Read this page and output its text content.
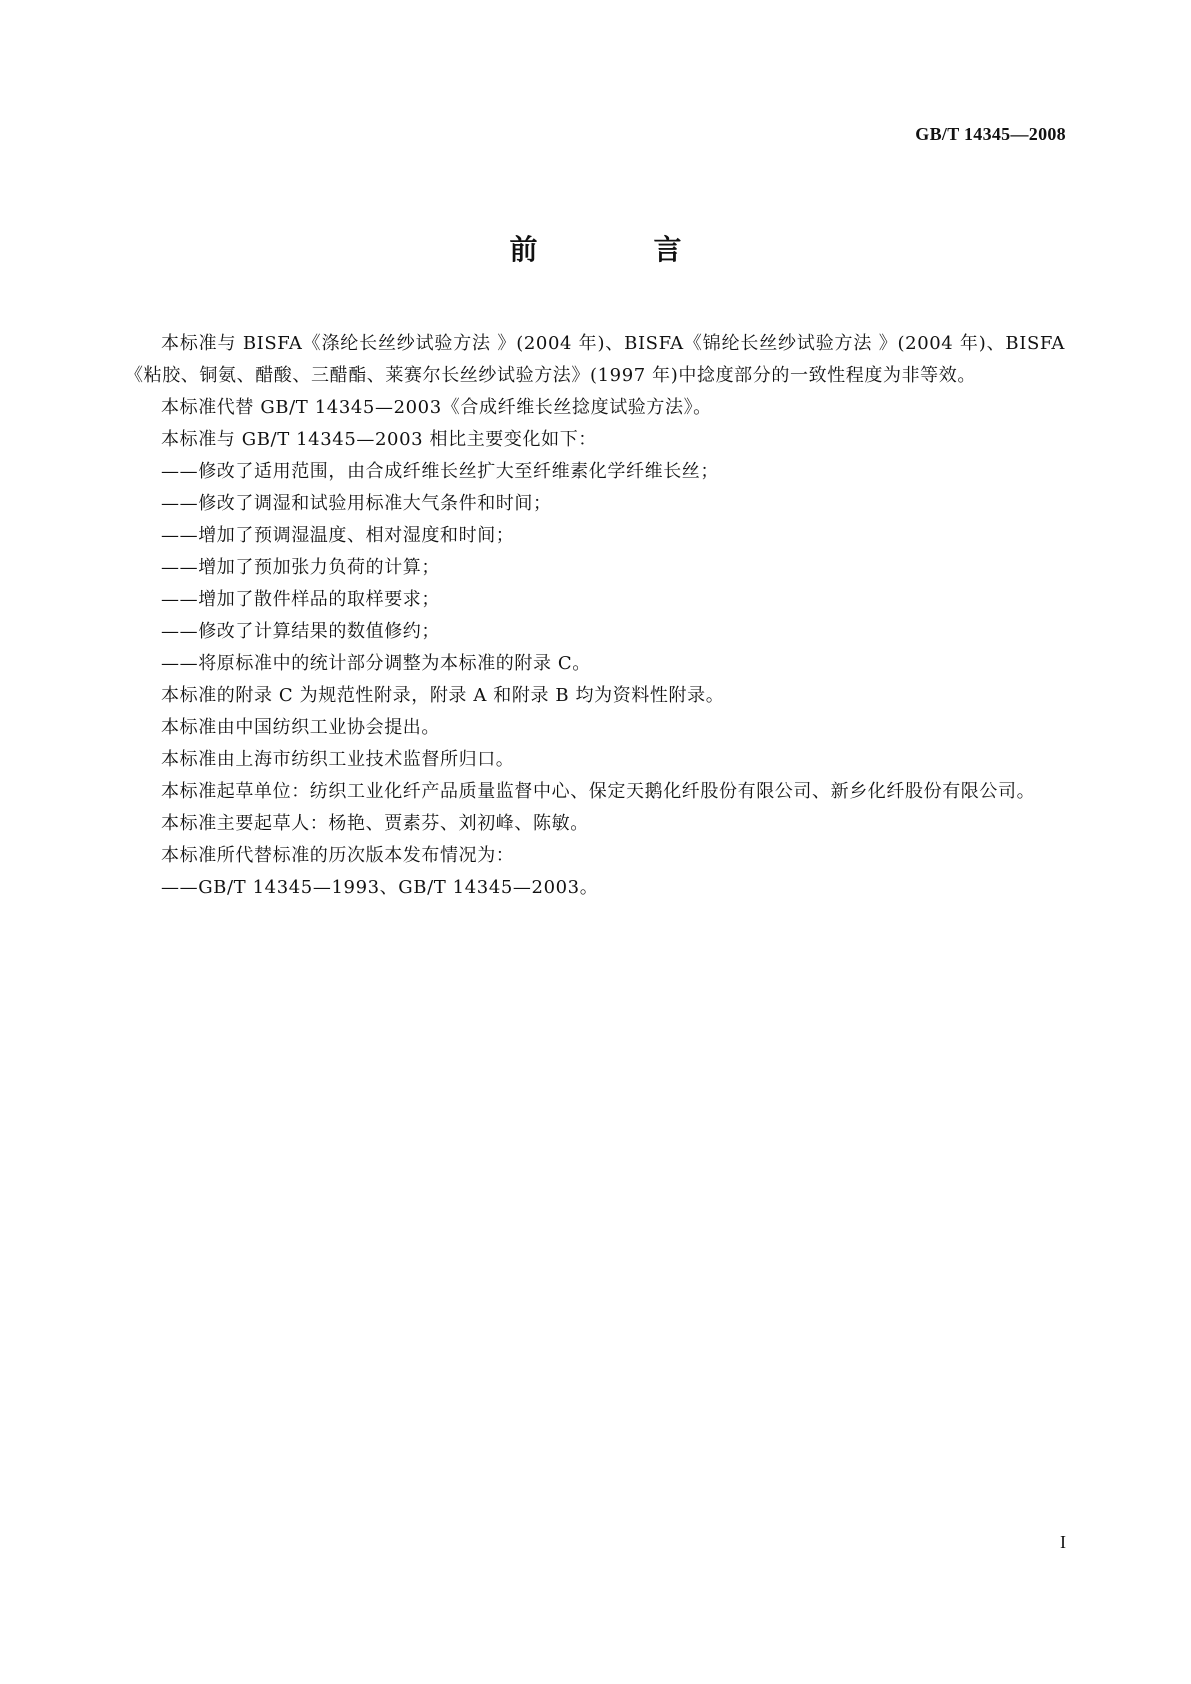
GB/T 14345—2008
前　言

本标准与 BISFA《涤纶长丝纱试验方法 》(2004 年)、BISFA《锦纶长丝纱试验方法 》(2004 年)、BISFA《粘胶、铜氨、醋酸、三醋酯、莱赛尔长丝纱试验方法》(1997 年)中捻度部分的一致性程度为非等效。

本标准代替 GB/T 14345—2003《合成纤维长丝捻度试验方法》。

本标准与 GB/T 14345—2003 相比主要变化如下：

——修改了适用范围，由合成纤维长丝扩大至纤维素化学纤维长丝；

——修改了调湿和试验用标准大气条件和时间；

——增加了预调湿温度、相对湿度和时间；

——增加了预加张力负荷的计算；

——增加了散件样品的取样要求；

——修改了计算结果的数值修约；

——将原标准中的统计部分调整为本标准的附录 C。

本标准的附录 C 为规范性附录，附录 A 和附录 B 均为资料性附录。

本标准由中国纺织工业协会提出。

本标准由上海市纺织工业技术监督所归口。

本标准起草单位：纺织工业化纤产品质量监督中心、保定天鹅化纤股份有限公司、新乡化纤股份有限公司。

本标准主要起草人：杨艳、贾素芬、刘初峰、陈敏。

本标准所代替标准的历次版本发布情况为：

——GB/T 14345—1993、GB/T 14345—2003。

I
